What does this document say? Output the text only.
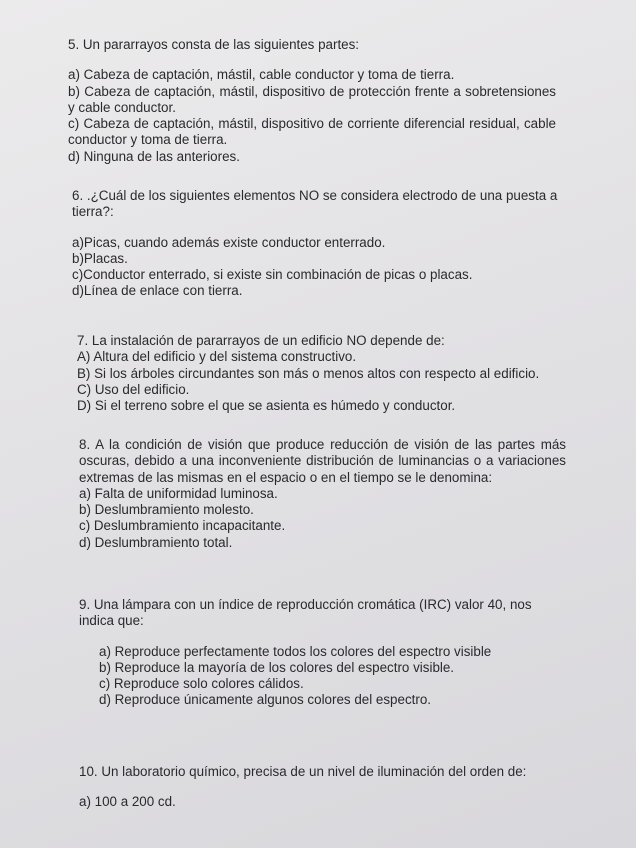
5. Un pararrayos consta de las siguientes partes:

a) Cabeza de captación, mástil, cable conductor y toma de tierra.
b) Cabeza de captación, mástil, dispositivo de protección frente a sobretensiones y cable conductor.
c) Cabeza de captación, mástil, dispositivo de corriente diferencial residual, cable conductor y toma de tierra.
d) Ninguna de las anteriores.

6. .¿Cuál de los siguientes elementos NO se considera electrodo de una puesta a tierra?:

a)Picas, cuando además existe conductor enterrado.
b)Placas.
c)Conductor enterrado, si existe sin combinación de picas o placas.
d)Línea de enlace con tierra.

7. La instalación de pararrayos de un edificio NO depende de:

A) Altura del edificio y del sistema constructivo.
B) Si los árboles circundantes son más o menos altos con respecto al edificio.
C) Uso del edificio.
D) Si el terreno sobre el que se asienta es húmedo y conductor.

8. A la condición de visión que produce reducción de visión de las partes más oscuras, debido a una inconveniente distribución de luminancias o a variaciones extremas de las mismas en el espacio o en el tiempo se le denomina:

a) Falta de uniformidad luminosa.
b) Deslumbramiento molesto.
c) Deslumbramiento incapacitante.
d) Deslumbramiento total.

9. Una lámpara con un índice de reproducción cromática (IRC) valor 40, nos indica que:

a) Reproduce perfectamente todos los colores del espectro visible
b) Reproduce la mayoría de los colores del espectro visible.
c) Reproduce solo colores cálidos.
d) Reproduce únicamente algunos colores del espectro.

10. Un laboratorio químico, precisa de un nivel de iluminación del orden de:

a) 100 a 200 cd.
